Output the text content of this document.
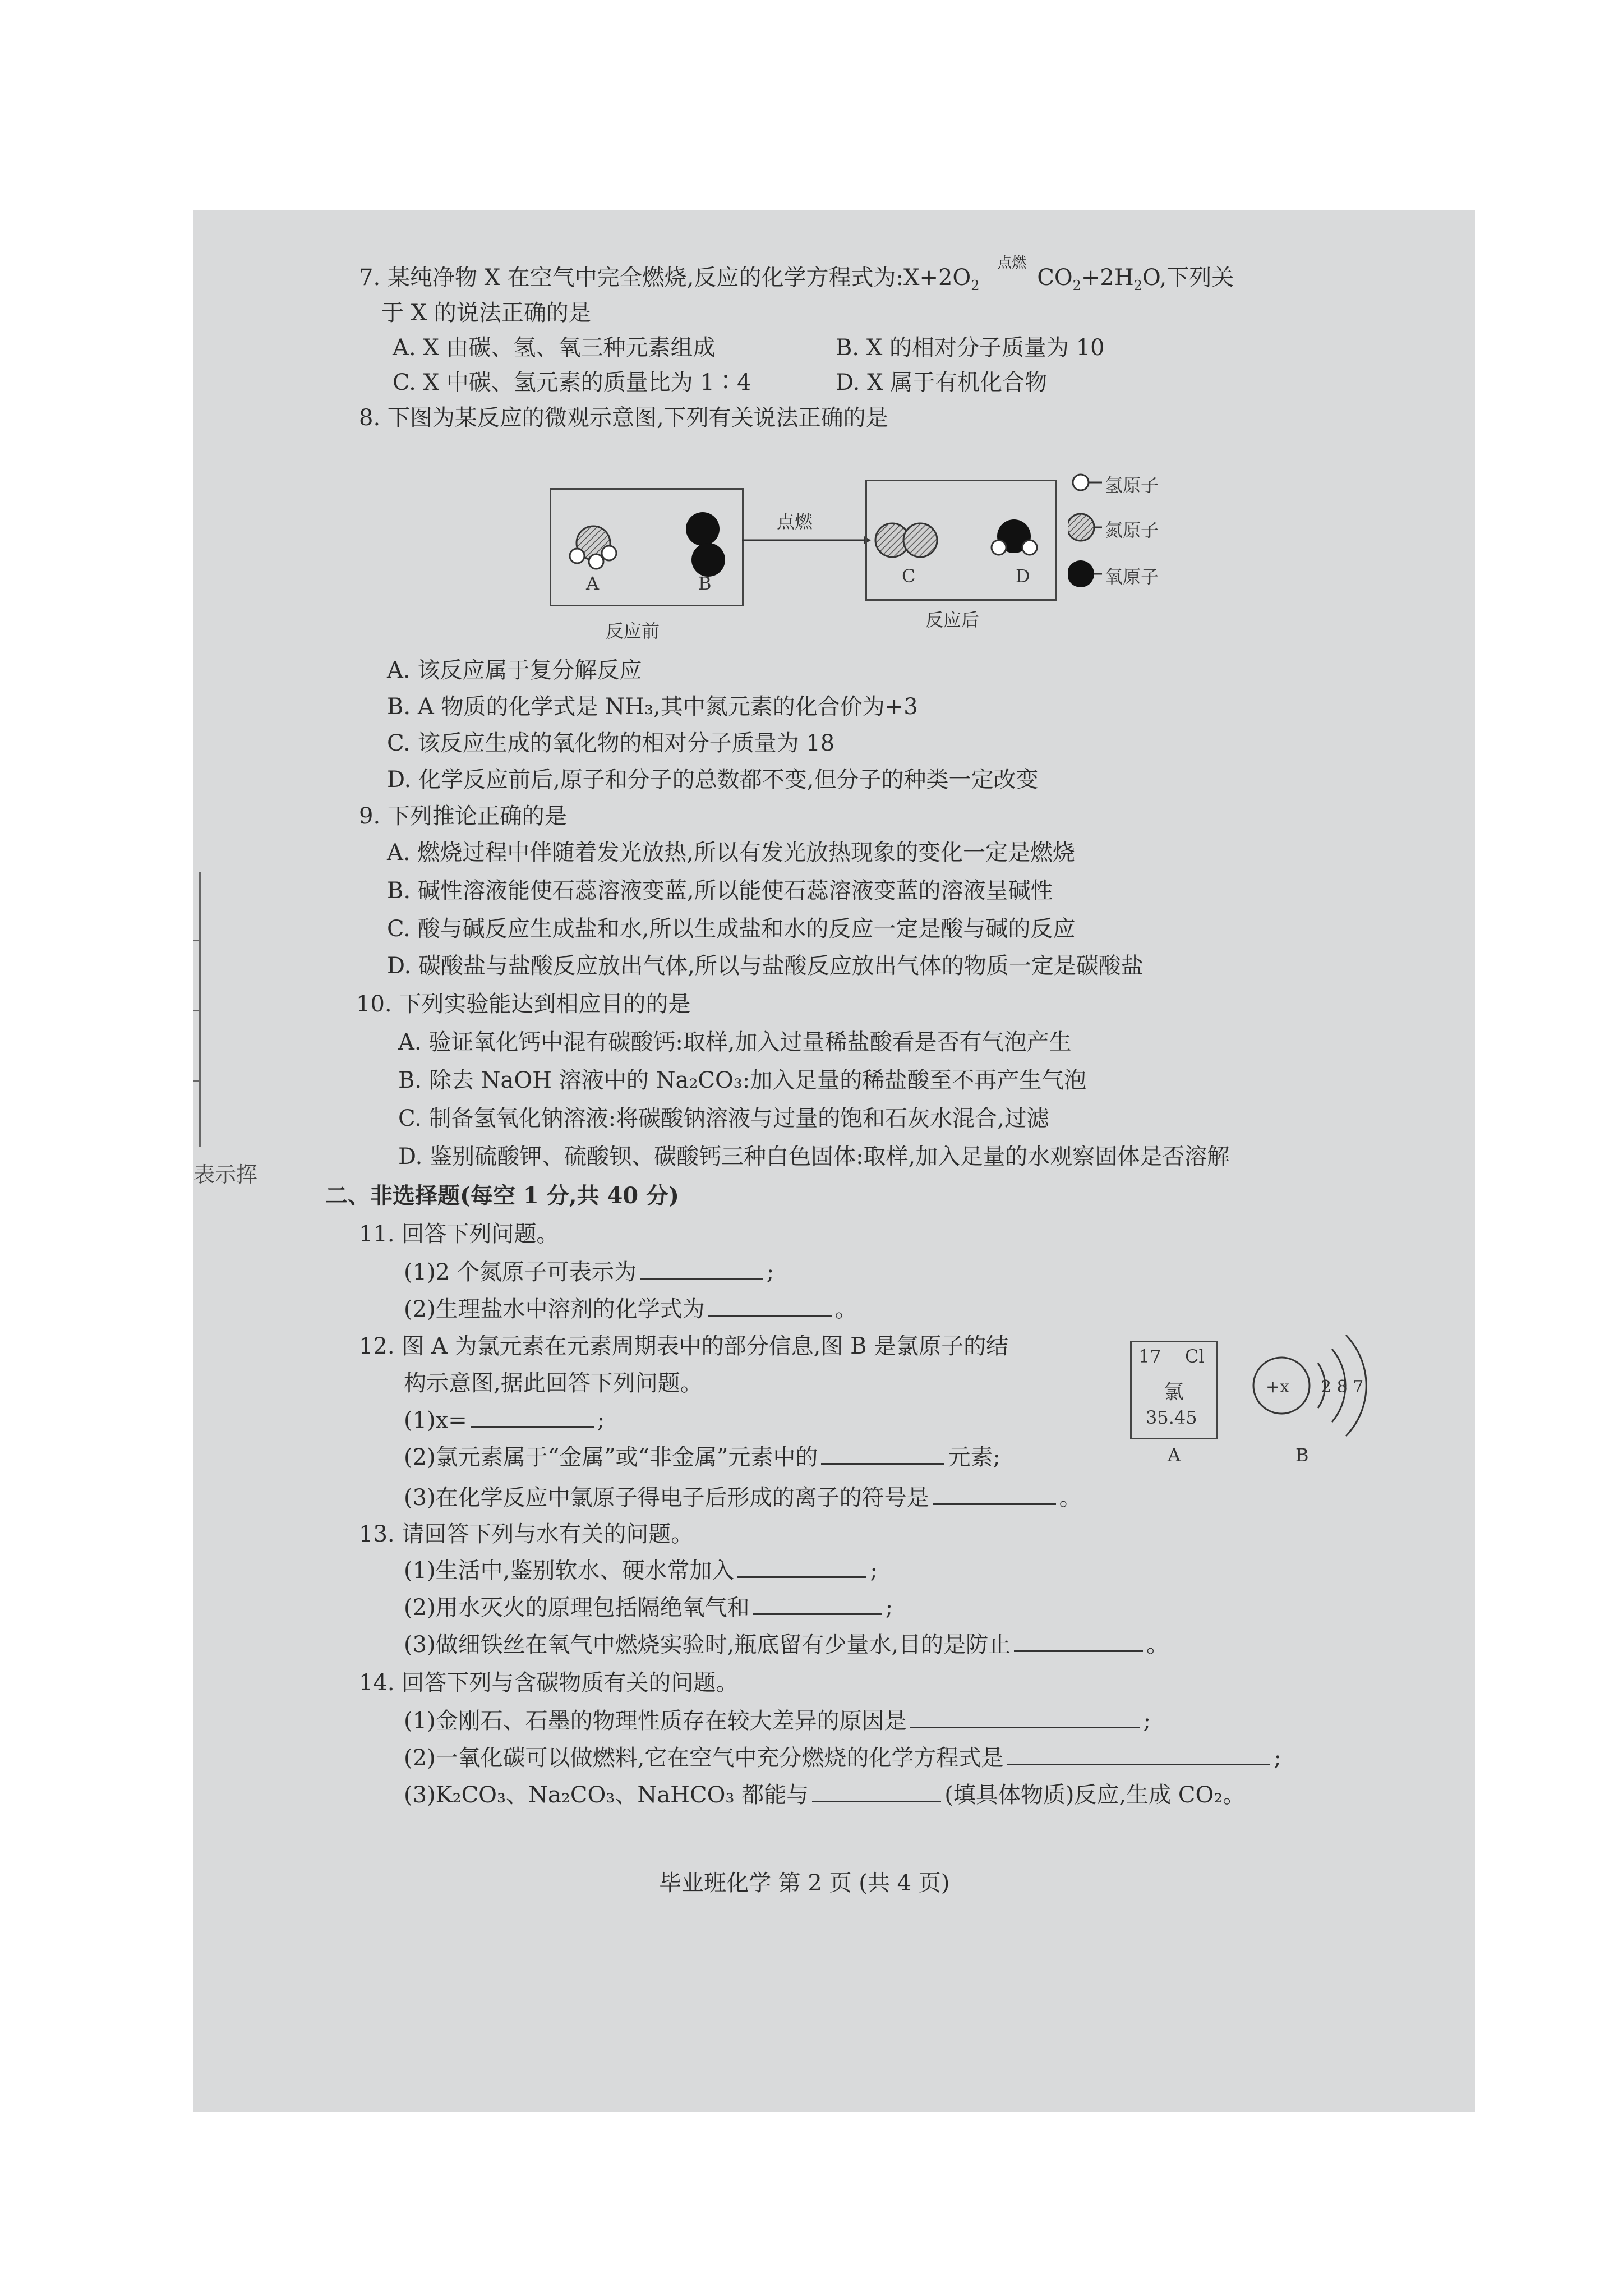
表示挥
7. 某纯净物 X 在空气中完全燃烧,反应的化学方程式为$:X+2O_2$
点燃
$CO_2+2H_2O$,下列关
于 X 的说法正确的是
A. X 由碳、氢、氧三种元素组成	B. X 的相对分子质量为 10
C. X 中碳、氢元素的质量比为 1∶4	D. X 属于有机化合物
8. 下图为某反应的微观示意图,下列有关说法正确的是
A	B
点燃
C	D
反应前
反应后
氢原子
氮原子
氧原子
A. 该反应属于复分解反应
B. A 物质的化学式是 NH₃,其中氮元素的化合价为+3
C. 该反应生成的氧化物的相对分子质量为 18
D. 化学反应前后,原子和分子的总数都不变,但分子的种类一定改变
9. 下列推论正确的是
A. 燃烧过程中伴随着发光放热,所以有发光放热现象的变化一定是燃烧
B. 碱性溶液能使石蕊溶液变蓝,所以能使石蕊溶液变蓝的溶液呈碱性
C. 酸与碱反应生成盐和水,所以生成盐和水的反应一定是酸与碱的反应
D. 碳酸盐与盐酸反应放出气体,所以与盐酸反应放出气体的物质一定是碳酸盐
10. 下列实验能达到相应目的的是
A. 验证氧化钙中混有碳酸钙:取样,加入过量稀盐酸看是否有气泡产生
B. 除去 NaOH 溶液中的 Na₂CO₃:加入足量的稀盐酸至不再产生气泡
C. 制备氢氧化钠溶液:将碳酸钠溶液与过量的饱和石灰水混合,过滤
D. 鉴别硫酸钾、硫酸钡、碳酸钙三种白色固体:取样,加入足量的水观察固体是否溶解
二、非选择题(每空 1 分,共 40 分)
11. 回答下列问题。
(1)2 个氮原子可表示为	;
(2)生理盐水中溶剂的化学式为	。
12. 图 A 为氯元素在元素周期表中的部分信息,图 B 是氯原子的结
构示意图,据此回答下列问题。
(1)x=	;
(2)氯元素属于“金属”或“非金属”元素中的	元素;
(3)在化学反应中氯原子得电子后形成的离子的符号是	。
17 Cl
氯
35.45
A
+x 2 8 7
B
13. 请回答下列与水有关的问题。
(1)生活中,鉴别软水、硬水常加入	;
(2)用水灭火的原理包括隔绝氧气和	;
(3)做细铁丝在氧气中燃烧实验时,瓶底留有少量水,目的是防止	。
14. 回答下列与含碳物质有关的问题。
(1)金刚石、石墨的物理性质存在较大差异的原因是	;
(2)一氧化碳可以做燃料,它在空气中充分燃烧的化学方程式是	;
(3)K₂CO₃、Na₂CO₃、NaHCO₃ 都能与	(填具体物质)反应,生成 CO₂。
毕业班化学 第 2 页 (共 4 页)
